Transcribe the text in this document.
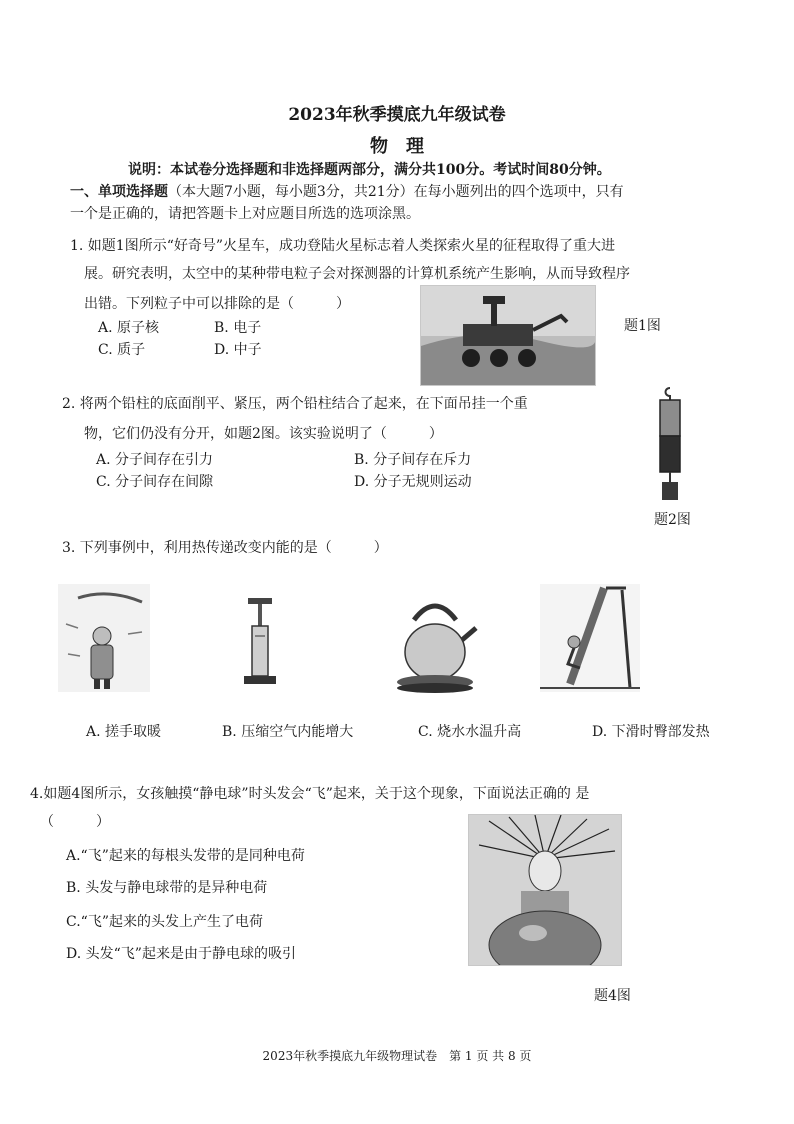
2023年秋季摸底九年级试卷
物　理
说明：本试卷分选择题和非选择题两部分，满分共100分。考试时间80分钟。
一、单项选择题（本大题7小题，每小题3分，共21分）在每小题列出的四个选项中，只有
一个是正确的，请把答题卡上对应题目所选的选项涂黑。
1. 如题1图所示“好奇号”火星车，成功登陆火星标志着人类探索火星的征程取得了重大进
展。研究表明，太空中的某种带电粒子会对探测器的计算机系统产生影响，从而导致程序
出错。下列粒子中可以排除的是（　　　）
A. 原子核	B. 电子
C. 质子	D. 中子
题1图
2. 将两个铅柱的底面削平、紧压，两个铅柱结合了起来，在下面吊挂一个重
物，它们仍没有分开，如题2图。该实验说明了（　　　）
A. 分子间存在引力	B. 分子间存在斥力
C. 分子间存在间隙	D. 分子无规则运动
题2图
3. 下列事例中，利用热传递改变内能的是（　　　）
A. 搓手取暖	B. 压缩空气内能增大	C. 烧水水温升高	D. 下滑时臀部发热
4.如题4图所示，女孩触摸“静电球”时头发会“飞”起来，关于这个现象，下面说法正确的 是
（　　　）
A.“飞”起来的每根头发带的是同种电荷
B. 头发与静电球带的是异种电荷
C.“飞”起来的头发上产生了电荷
D. 头发“飞”起来是由于静电球的吸引
题4图
2023年秋季摸底九年级物理试卷　第 1 页 共 8 页
